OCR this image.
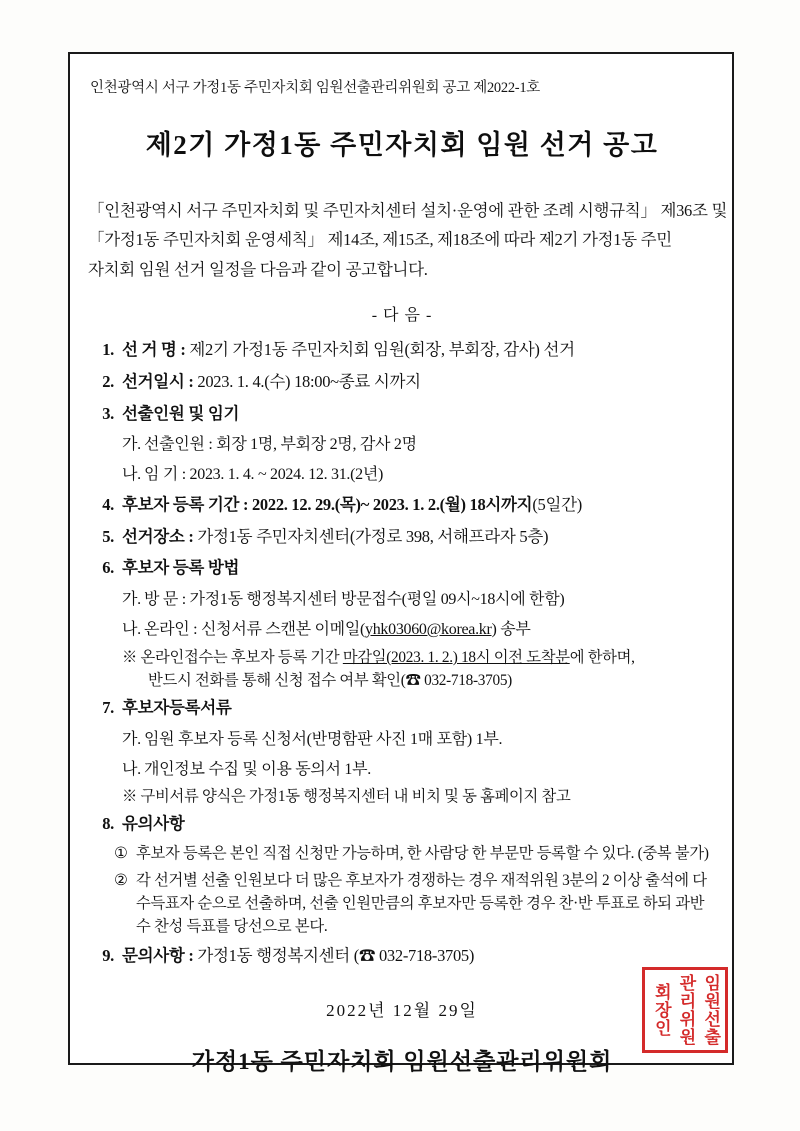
인천광역시 서구 가정1동 주민자치회 임원선출관리위원회 공고 제2022-1호
제2기 가정1동 주민자치회 임원 선거 공고
「인천광역시 서구 주민자치회 및 주민자치센터 설치·운영에 관한 조례 시행규칙」 제36조 및
「가정1동 주민자치회 운영세칙」 제14조, 제15조, 제18조에 따라 제2기 가정1동 주민
자치회 임원 선거 일정을 다음과 같이 공고합니다.
- 다 음 -
1. 선 거 명 : 제2기 가정1동 주민자치회 임원(회장, 부회장, 감사) 선거
2. 선거일시 : 2023. 1. 4.(수) 18:00~종료 시까지
3. 선출인원 및 임기
가. 선출인원 : 회장 1명, 부회장 2명, 감사 2명
나. 임 기 : 2023. 1. 4. ~ 2024. 12. 31.(2년)
4. 후보자 등록 기간 : 2022. 12. 29.(목)~ 2023. 1. 2.(월) 18시까지(5일간)
5. 선거장소 : 가정1동 주민자치센터(가정로 398, 서해프라자 5층)
6. 후보자 등록 방법
가. 방 문 : 가정1동 행정복지센터 방문접수(평일 09시~18시에 한함)
나. 온라인 : 신청서류 스캔본 이메일(yhk03060@korea.kr) 송부
※ 온라인접수는 후보자 등록 기간 마감일(2023. 1. 2.) 18시 이전 도착분에 한하며,
반드시 전화를 통해 신청 접수 여부 확인(☎ 032-718-3705)
7. 후보자등록서류
가. 임원 후보자 등록 신청서(반명함판 사진 1매 포함) 1부.
나. 개인정보 수집 및 이용 동의서 1부.
※ 구비서류 양식은 가정1동 행정복지센터 내 비치 및 동 홈페이지 참고
8. 유의사항
① 후보자 등록은 본인 직접 신청만 가능하며, 한 사람당 한 부문만 등록할 수 있다. (중복 불가)
② 각 선거별 선출 인원보다 더 많은 후보자가 경쟁하는 경우 재적위원 3분의 2 이상 출석에 다수득표자 순으로 선출하며, 선출 인원만큼의 후보자만 등록한 경우 찬·반 투표로 하되 과반수 찬성 득표를 당선으로 본다.
9. 문의사항 : 가정1동 행정복지센터 (☎ 032-718-3705)
2022년 12월 29일
가정1동 주민자치회 임원선출관리위원회
임원선출
관리위원
회장인
